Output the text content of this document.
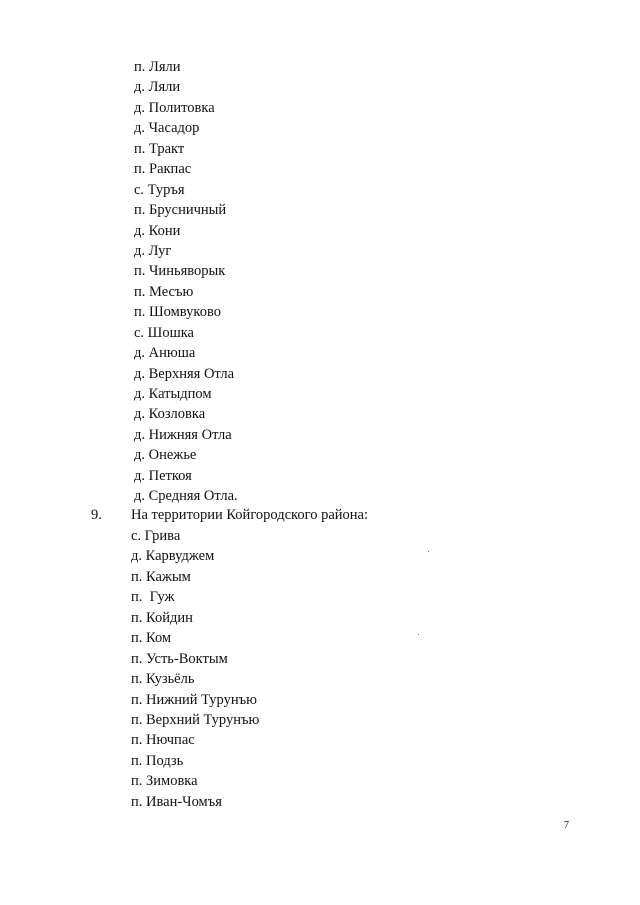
п. Ляли
д. Ляли
д. Политовка
д. Часадор
п. Тракт
п. Ракпас
с. Туръя
п. Брусничный
д. Кони
д. Луг
п. Чиньяворык
п. Месъю
п. Шомвуково
с. Шошка
д. Анюша
д. Верхняя Отла
д. Катыдпом
д. Козловка
д. Нижняя Отла
д. Онежье
д. Петкоя
д. Средняя Отла.
9. На территории Койгородского района:
с. Грива
д. Карвуджем
п. Кажым
п.  Гуж
п. Койдин
п. Ком
п. Усть-Воктым
п. Кузьёль
п. Нижний Турунъю
п. Верхний Турунъю
п. Нючпас
п. Подзь
п. Зимовка
п. Иван-Чомъя
7
